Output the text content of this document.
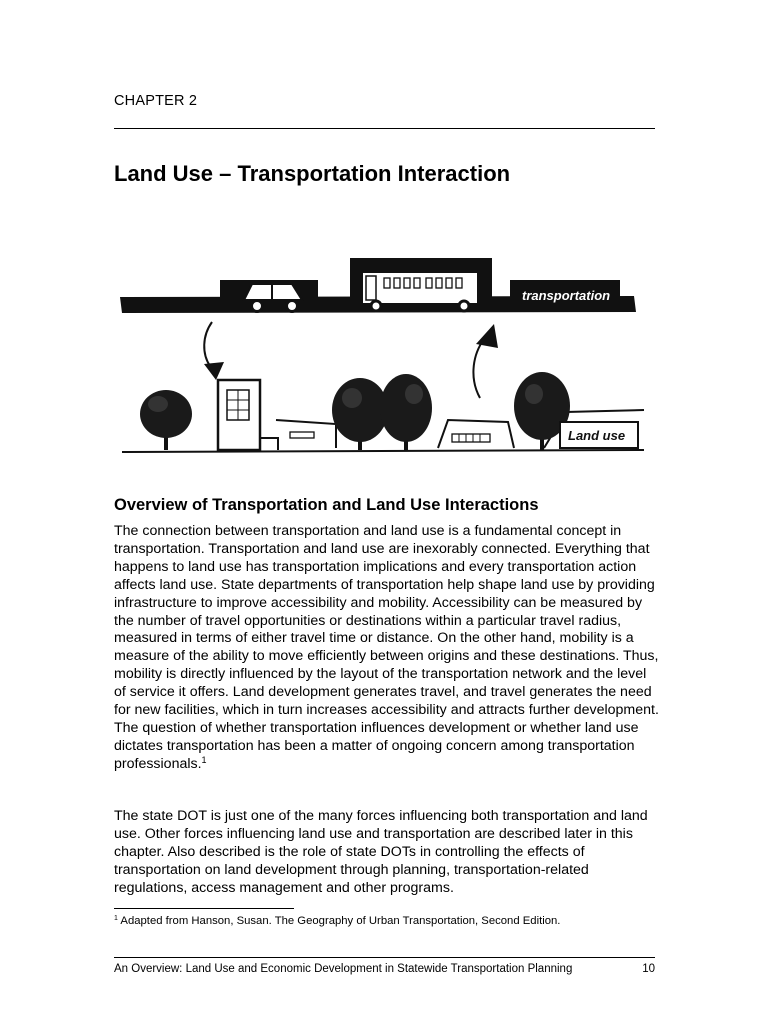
CHAPTER 2
Land Use – Transportation Interaction
transportation
Land use
Overview of Transportation and Land Use Interactions

The connection between transportation and land use is a fundamental concept in transportation. Transportation and land use are inexorably connected. Everything that happens to land use has transportation implications and every transportation action affects land use. State departments of transportation help shape land use by providing infrastructure to improve accessibility and mobility. Accessibility can be measured by the number of travel opportunities or destinations within a particular travel radius, measured in terms of either travel time or distance. On the other hand, mobility is a measure of the ability to move efficiently between origins and these destinations. Thus, mobility is directly influenced by the layout of the transportation network and the level of service it offers. Land development generates travel, and travel generates the need for new facilities, which in turn increases accessibility and attracts further development. The question of whether transportation influences development or whether land use dictates transportation has been a matter of ongoing concern among transportation professionals.$^1$

The state DOT is just one of the many forces influencing both transportation and land use. Other forces influencing land use and transportation are described later in this chapter. Also described is the role of state DOTs in controlling the effects of transportation on land development through planning, transportation-related regulations, access management and other programs.

$^1$ Adapted from Hanson, Susan. The Geography of Urban Transportation, Second Edition.

An Overview: Land Use and Economic Development in Statewide Transportation Planning	10
